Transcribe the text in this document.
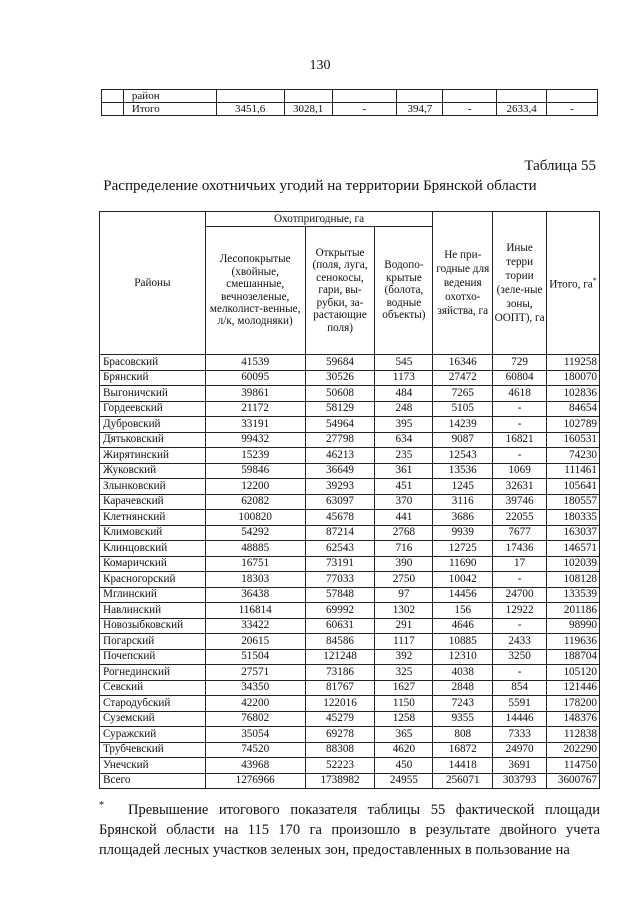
130
	район							
	Итого	3451,6	3028,1	-	394,7	-	2633,4	-
Таблица 55
Распределение охотничьих угодий на территории Брянской области
Районы	Охотпригодные, га			Не при-годные для ведения охотхо-зяйства, га	Иные терри тории (зеле-ные зоны, ООПТ), га	Итого, га*
	Лесопокрытые (хвойные, смешанные, вечнозеленые, мелколист-венные, л/к, молодняки)	Открытые (поля, луга, сенокосы, гари, вы-рубки, за-растающие поля)	Водопо-крытые (болота, водные объекты)			
Брасовский	41539	59684	545	16346	729	119258
Брянский	60095	30526	1173	27472	60804	180070
Выгоничский	39861	50608	484	7265	4618	102836
Гордеевский	21172	58129	248	5105	-	84654
Дубровский	33191	54964	395	14239	-	102789
Дятьковский	99432	27798	634	9087	16821	160531
Жирятинский	15239	46213	235	12543	-	74230
Жуковский	59846	36649	361	13536	1069	111461
Злынковский	12200	39293	451	1245	32631	105641
Карачевский	62082	63097	370	3116	39746	180557
Клетнянский	100820	45678	441	3686	22055	180335
Климовский	54292	87214	2768	9939	7677	163037
Клинцовский	48885	62543	716	12725	17436	146571
Комаричский	16751	73191	390	11690	17	102039
Красногорский	18303	77033	2750	10042	-	108128
Мглинский	36438	57848	97	14456	24700	133539
Навлинский	116814	69992	1302	156	12922	201186
Новозыбковский	33422	60631	291	4646	-	98990
Погарский	20615	84586	1117	10885	2433	119636
Почепский	51504	121248	392	12310	3250	188704
Рогнединский	27571	73186	325	4038	-	105120
Севский	34350	81767	1627	2848	854	121446
Стародубский	42200	122016	1150	7243	5591	178200
Суземский	76802	45279	1258	9355	14446	148376
Суражский	35054	69278	365	808	7333	112838
Трубчевский	74520	88308	4620	16872	24970	202290
Унечский	43968	52223	450	14418	3691	114750
Всего	1276966	1738982	24955	256071	303793	3600767
* Превышение итогового показателя таблицы 55 фактической площади Брянской области на 115 170 га произошло в результате двойного учета площадей лесных участков зеленых зон, предоставленных в пользование на
